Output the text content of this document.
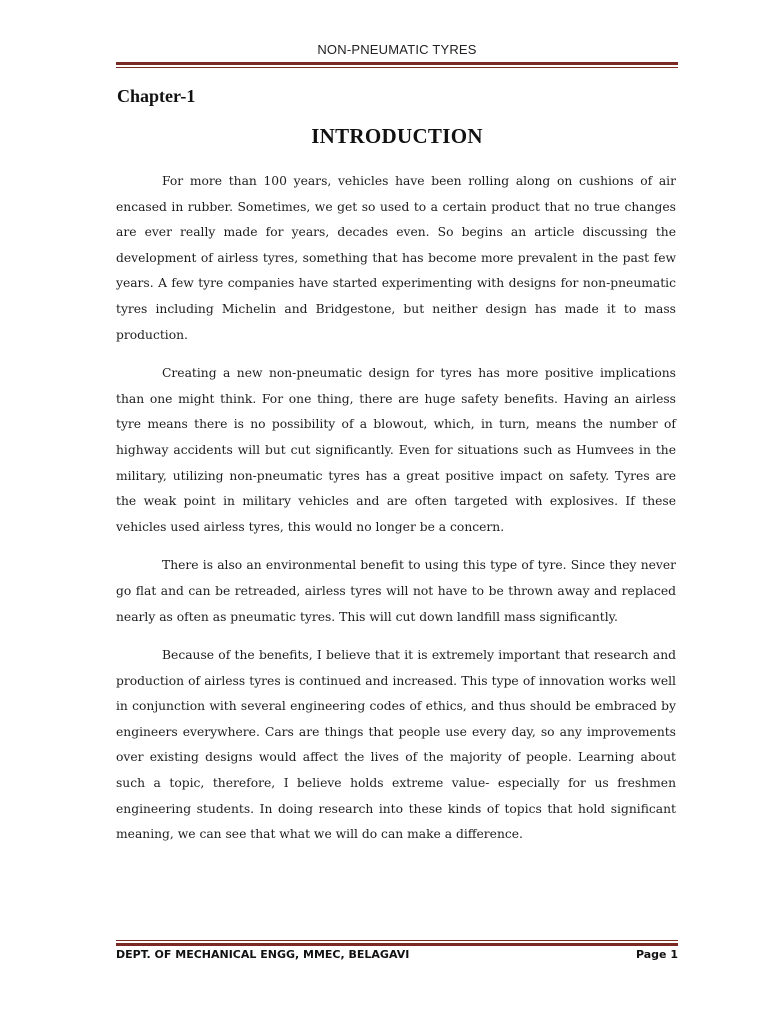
NON-PNEUMATIC TYRES
Chapter-1
INTRODUCTION

For more than 100 years, vehicles have been rolling along on cushions of air encased in rubber. Sometimes, we get so used to a certain product that no true changes are ever really made for years, decades even. So begins an article discussing the development of airless tyres, something that has become more prevalent in the past few years. A few tyre companies have started experimenting with designs for non-pneumatic tyres including Michelin and Bridgestone, but neither design has made it to mass production.

Creating a new non-pneumatic design for tyres has more positive implications than one might think. For one thing, there are huge safety benefits. Having an airless tyre means there is no possibility of a blowout, which, in turn, means the number of highway accidents will but cut significantly. Even for situations such as Humvees in the military, utilizing non-pneumatic tyres has a great positive impact on safety. Tyres are the weak point in military vehicles and are often targeted with explosives. If these vehicles used airless tyres, this would no longer be a concern.

There is also an environmental benefit to using this type of tyre. Since they never go flat and can be retreaded, airless tyres will not have to be thrown away and replaced nearly as often as pneumatic tyres. This will cut down landfill mass significantly.

Because of the benefits, I believe that it is extremely important that research and production of airless tyres is continued and increased. This type of innovation works well in conjunction with several engineering codes of ethics, and thus should be embraced by engineers everywhere. Cars are things that people use every day, so any improvements over existing designs would affect the lives of the majority of people. Learning about such a topic, therefore, I believe holds extreme value- especially for us freshmen engineering students. In doing research into these kinds of topics that hold significant meaning, we can see that what we will do can make a difference.

DEPT. OF MECHANICAL ENGG, MMEC, BELAGAVI	Page 1
